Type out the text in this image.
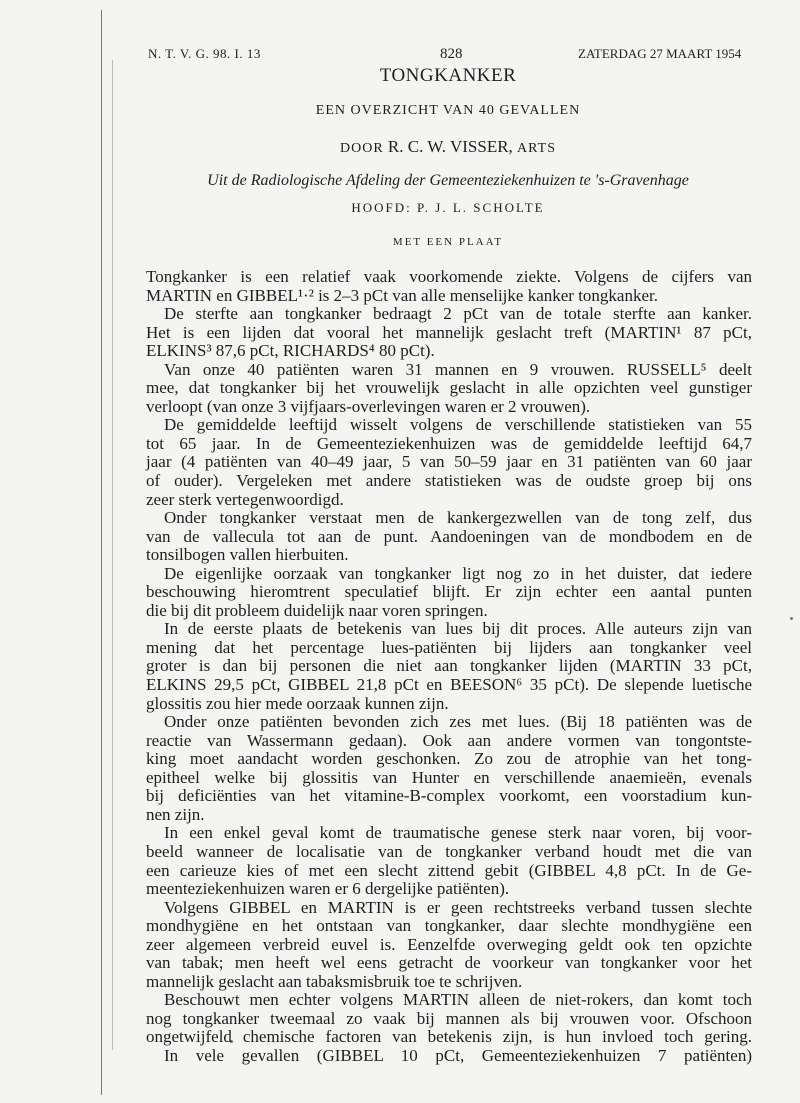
N. T. V. G. 98. I. 13	828	ZATERDAG 27 MAART 1954
TONGKANKER
EEN OVERZICHT VAN 40 GEVALLEN
DOOR R. C. W. VISSER, ARTS
Uit de Radiologische Afdeling der Gemeenteziekenhuizen te 's-Gravenhage
HOOFD: P. J. L. SCHOLTE
MET EEN PLAAT
Tongkanker is een relatief vaak voorkomende ziekte. Volgens de cijfers van
MARTIN en GIBBEL¹·² is 2–3 pCt van alle menselijke kanker tongkanker.
De sterfte aan tongkanker bedraagt 2 pCt van de totale sterfte aan kanker.
Het is een lijden dat vooral het mannelijk geslacht treft (MARTIN¹ 87 pCt,
ELKINS³ 87,6 pCt, RICHARDS⁴ 80 pCt).
Van onze 40 patiënten waren 31 mannen en 9 vrouwen. RUSSELL⁵ deelt
mee, dat tongkanker bij het vrouwelijk geslacht in alle opzichten veel gunstiger
verloopt (van onze 3 vijfjaars-overlevingen waren er 2 vrouwen).
De gemiddelde leeftijd wisselt volgens de verschillende statistieken van 55
tot 65 jaar. In de Gemeenteziekenhuizen was de gemiddelde leeftijd 64,7
jaar (4 patiënten van 40–49 jaar, 5 van 50–59 jaar en 31 patiënten van 60 jaar
of ouder). Vergeleken met andere statistieken was de oudste groep bij ons
zeer sterk vertegenwoordigd.
Onder tongkanker verstaat men de kankergezwellen van de tong zelf, dus
van de vallecula tot aan de punt. Aandoeningen van de mondbodem en de
tonsilbogen vallen hierbuiten.
De eigenlijke oorzaak van tongkanker ligt nog zo in het duister, dat iedere
beschouwing hieromtrent speculatief blijft. Er zijn echter een aantal punten
die bij dit probleem duidelijk naar voren springen.
In de eerste plaats de betekenis van lues bij dit proces. Alle auteurs zijn van
mening dat het percentage lues-patiënten bij lijders aan tongkanker veel
groter is dan bij personen die niet aan tongkanker lijden (MARTIN 33 pCt,
ELKINS 29,5 pCt, GIBBEL 21,8 pCt en BEESON⁶ 35 pCt). De slepende luetische
glossitis zou hier mede oorzaak kunnen zijn.
Onder onze patiënten bevonden zich zes met lues. (Bij 18 patiënten was de
reactie van Wassermann gedaan). Ook aan andere vormen van tongontste-
king moet aandacht worden geschonken. Zo zou de atrophie van het tong-
epitheel welke bij glossitis van Hunter en verschillende anaemieën, evenals
bij deficiënties van het vitamine-B-complex voorkomt, een voorstadium kun-
nen zijn.
In een enkel geval komt de traumatische genese sterk naar voren, bij voor-
beeld wanneer de localisatie van de tongkanker verband houdt met die van
een carieuze kies of met een slecht zittend gebit (GIBBEL 4,8 pCt. In de Ge-
meenteziekenhuizen waren er 6 dergelijke patiënten).
Volgens GIBBEL en MARTIN is er geen rechtstreeks verband tussen slechte
mondhygiëne en het ontstaan van tongkanker, daar slechte mondhygiëne een
zeer algemeen verbreid euvel is. Eenzelfde overweging geldt ook ten opzichte
van tabak; men heeft wel eens getracht de voorkeur van tongkanker voor het
mannelijk geslacht aan tabaksmisbruik toe te schrijven.
Beschouwt men echter volgens MARTIN alleen de niet-rokers, dan komt toch
nog tongkanker tweemaal zo vaak bij mannen als bij vrouwen voor. Ofschoon
ongetwijfeld chemische factoren van betekenis zijn, is hun invloed toch gering.
In vele gevallen (GIBBEL 10 pCt, Gemeenteziekenhuizen 7 patiënten)
